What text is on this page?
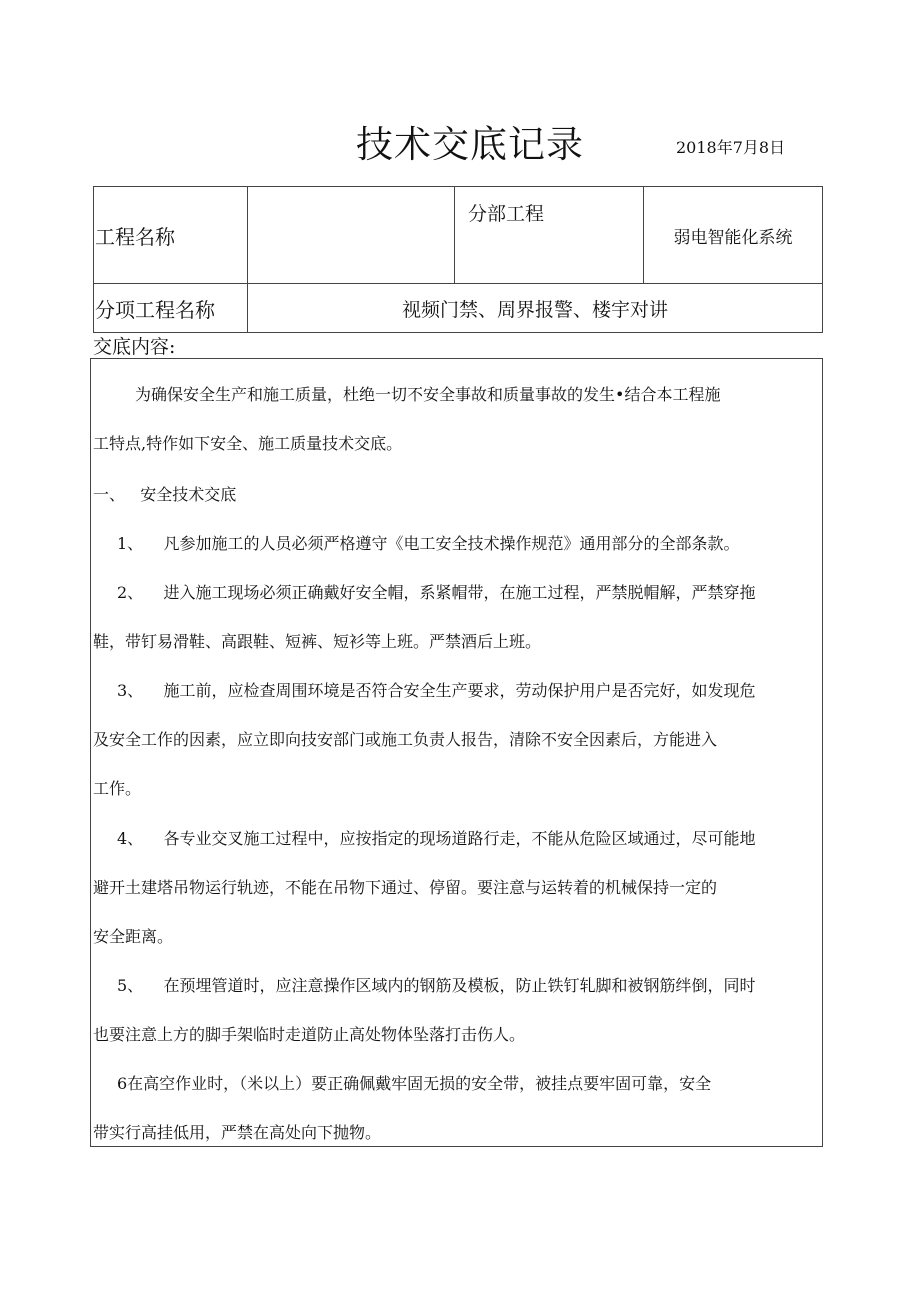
技术交底记录	2018年7月8日
工程名称		分部工程	弱电智能化系统
分项工程名称	视频门禁、周界报警、楼宇对讲		
交底内容:
为确保安全生产和施工质量，杜绝一切不安全事故和质量事故的发生•结合本工程施
工特点,特作如下安全、施工质量技术交底。
一、   安全技术交底
1、    凡参加施工的人员必须严格遵守《电工安全技术操作规范》通用部分的全部条款。
2、    进入施工现场必须正确戴好安全帽，系紧帽带，在施工过程，严禁脱帽解，严禁穿拖
鞋，带钉易滑鞋、高跟鞋、短裤、短衫等上班。严禁酒后上班。
3、    施工前，应检查周围环境是否符合安全生产要求，劳动保护用户是否完好，如发现危
及安全工作的因素，应立即向技安部门或施工负责人报告，清除不安全因素后，方能进入
工作。
4、    各专业交叉施工过程中，应按指定的现场道路行走，不能从危险区域通过，尽可能地
避开土建塔吊物运行轨迹，不能在吊物下通过、停留。要注意与运转着的机械保持一定的
安全距离。
5、    在预埋管道时，应注意操作区域内的钢筋及模板，防止铁钉轧脚和被钢筋绊倒，同时
也要注意上方的脚手架临时走道防止高处物体坠落打击伤人。
6在高空作业时，（米以上）要正确佩戴牢固无损的安全带，被挂点要牢固可靠，安全
带实行高挂低用，严禁在高处向下抛物。
